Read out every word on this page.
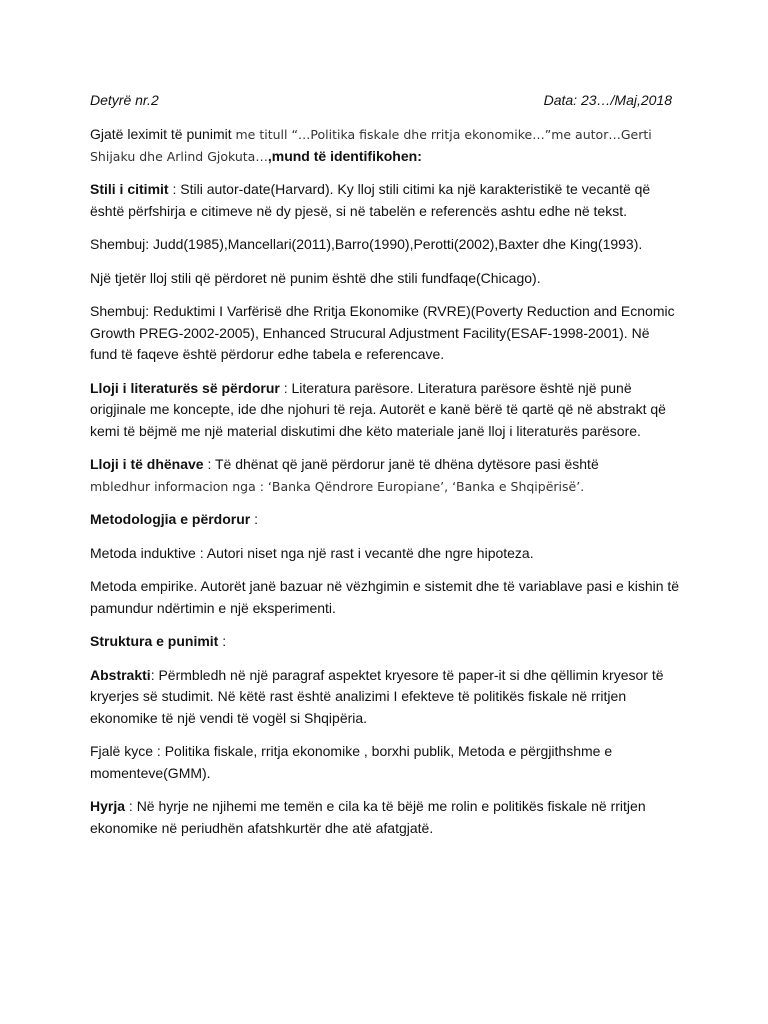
Detyrë nr.2	Data: 23…/Maj,2018

Gjatë leximit të punimit me titull “…Politika fiskale dhe rritja ekonomike…”me autor…Gerti Shijaku dhe Arlind Gjokuta…,mund të identifikohen:

Stili i citimit : Stili autor-date(Harvard). Ky lloj stili citimi ka një karakteristikë te vecantë që është përfshirja e citimeve në dy pjesë, si në tabelën e referencës ashtu edhe në tekst.

Shembuj: Judd(1985),Mancellari(2011),Barro(1990),Perotti(2002),Baxter dhe King(1993).

Një tjetër lloj stili që përdoret në punim është dhe stili fundfaqe(Chicago).

Shembuj: Reduktimi I Varfërisë dhe Rritja Ekonomike (RVRE)(Poverty Reduction and Ecnomic Growth PREG-2002-2005), Enhanced Strucural Adjustment Facility(ESAF-1998-2001). Në fund të faqeve është përdorur edhe tabela e referencave.

Lloji i literaturës së përdorur : Literatura parësore. Literatura parësore është një punë origjinale me koncepte, ide dhe njohuri të reja. Autorët e kanë bërë të qartë që në abstrakt që kemi të bëjmë me një material diskutimi dhe këto materiale janë lloj i literaturës parësore.

Lloji i të dhënave : Të dhënat që janë përdorur janë të dhëna dytësore pasi është
mbledhur informacion nga : ‘Banka Qëndrore Europiane’, ‘Banka e Shqipërisë’.

Metodologjia e përdorur :

Metoda induktive : Autori niset nga një rast i vecantë dhe ngre hipoteza.

Metoda empirike. Autorët janë bazuar në vëzhgimin e sistemit dhe të variablave pasi e kishin të pamundur ndërtimin e një eksperimenti.

Struktura e punimit :

Abstrakti: Përmbledh në një paragraf aspektet kryesore të paper-it si dhe qëllimin kryesor të kryerjes së studimit. Në këtë rast është analizimi I efekteve të politikës fiskale në rritjen ekonomike të një vendi të vogël si Shqipëria.

Fjalë kyce : Politika fiskale, rritja ekonomike , borxhi publik, Metoda e përgjithshme e momenteve(GMM).

Hyrja : Në hyrje ne njihemi me temën e cila ka të bëjë me rolin e politikës fiskale në rritjen ekonomike në periudhën afatshkurtër dhe atë afatgjatë.
